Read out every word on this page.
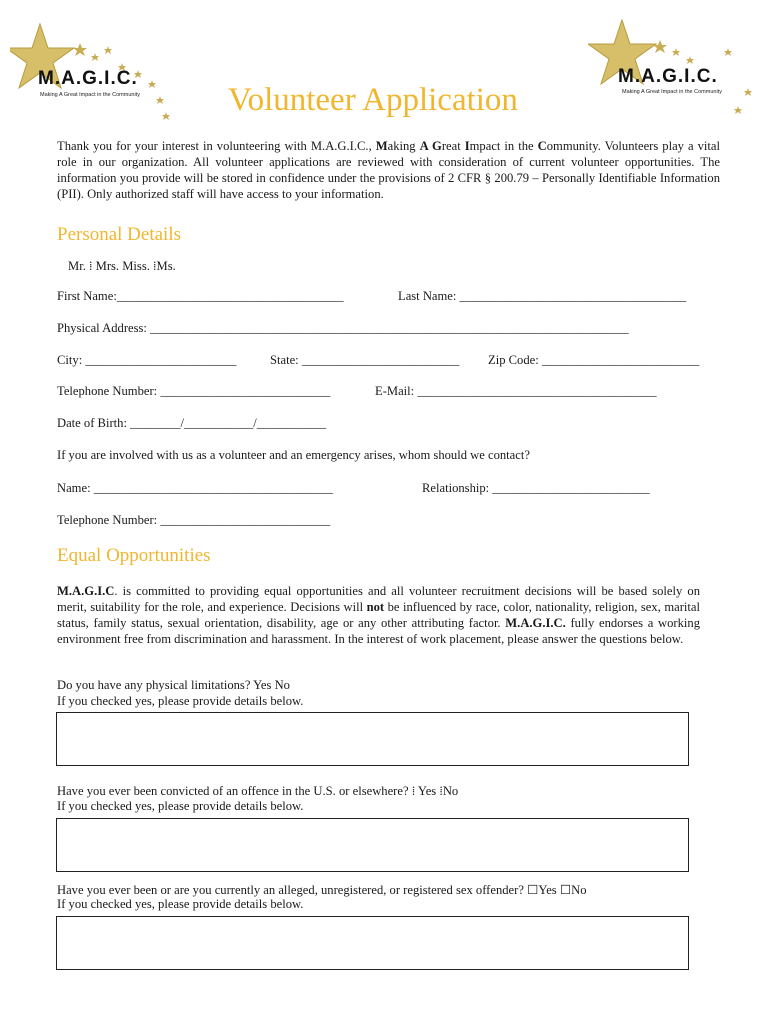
M.A.G.I.C.
Making A Great Impact in the Community
M.A.G.I.C.
Making A Great Impact in the Community
Volunteer Application
Thank you for your interest in volunteering with M.A.G.I.C., Making A Great Impact in the Community. Volunteers play a vital role in our organization. All volunteer applications are reviewed with consideration of current volunteer opportunities. The information you provide will be stored in confidence under the provisions of 2 CFR § 200.79 – Personally Identifiable Information (PII). Only authorized staff will have access to your information.
Personal Details
Mr. ⁞ Mrs. Miss. ⁞Ms.
First Name:____________________________________	Last Name: ____________________________________
Physical Address: ____________________________________________________________________________
City: ________________________	State: _________________________ Zip Code: _________________________
Telephone Number: ___________________________	E-Mail: ______________________________________
Date of Birth: ________/___________/___________
If you are involved with us as a volunteer and an emergency arises, whom should we contact?
Name: ______________________________________	Relationship: _________________________
Telephone Number: ___________________________
Equal Opportunities
M.A.G.I.C. is committed to providing equal opportunities and all volunteer recruitment decisions will be based solely on merit, suitability for the role, and experience. Decisions will not be influenced by race, color, nationality, religion, sex, marital status, family status, sexual orientation, disability, age or any other attributing factor. M.A.G.I.C. fully endorses a working environment free from discrimination and harassment. In the interest of work placement, please answer the questions below.
Do you have any physical limitations? Yes No
If you checked yes, please provide details below.
Have you ever been convicted of an offence in the U.S. or elsewhere? ⁞ Yes ⁞No
If you checked yes, please provide details below.
Have you ever been or are you currently an alleged, unregistered, or registered sex offender? ☐Yes ☐No
If you checked yes, please provide details below.
